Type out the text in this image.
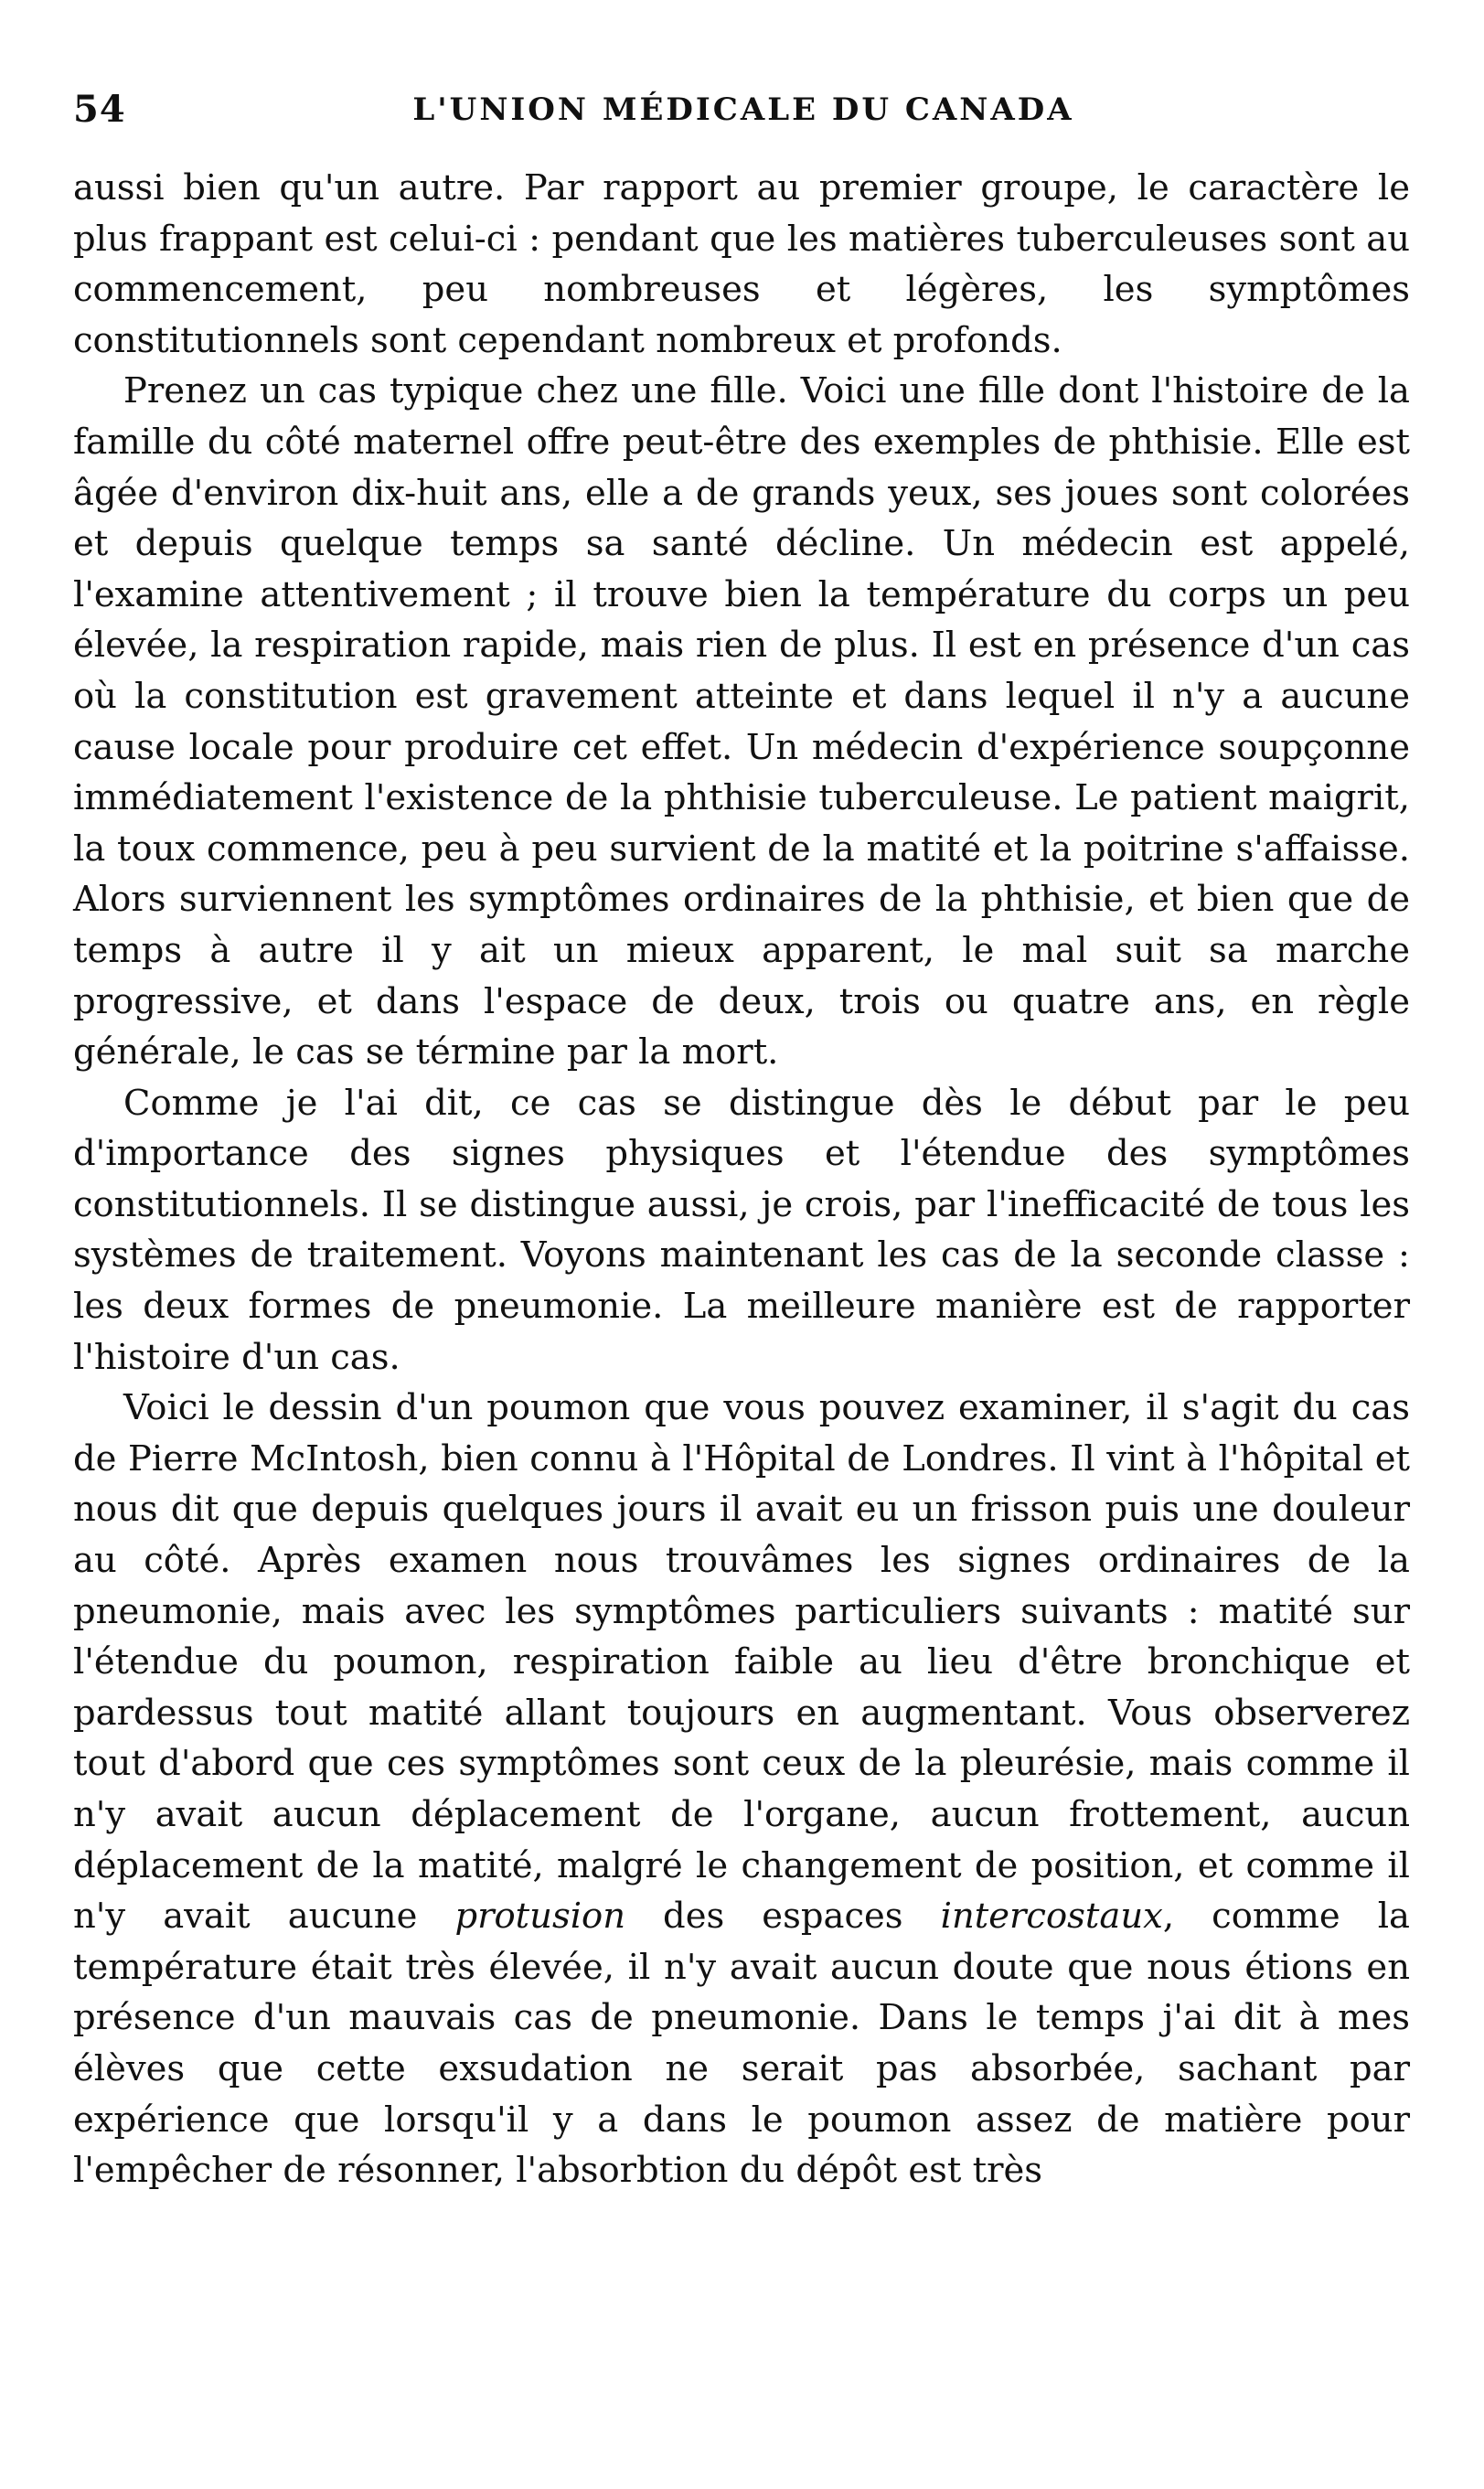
54	L'UNION MÉDICALE DU CANADA

aussi bien qu'un autre. Par rapport au premier groupe, le caractère le plus frappant est celui-ci : pendant que les matières tuberculeuses sont au commencement, peu nombreuses et légères, les symptômes constitutionnels sont cependant nombreux et profonds.

Prenez un cas typique chez une fille. Voici une fille dont l'histoire de la famille du côté maternel offre peut-être des exemples de phthisie. Elle est âgée d'environ dix-huit ans, elle a de grands yeux, ses joues sont colorées et depuis quelque temps sa santé décline. Un médecin est appelé, l'examine attentivement ; il trouve bien la température du corps un peu élevée, la respiration rapide, mais rien de plus. Il est en présence d'un cas où la constitution est gravement atteinte et dans lequel il n'y a aucune cause locale pour produire cet effet. Un médecin d'expérience soupçonne immédiatement l'existence de la phthisie tuberculeuse. Le patient maigrit, la toux commence, peu à peu survient de la matité et la poitrine s'affaisse. Alors surviennent les symptômes ordinaires de la phthisie, et bien que de temps à autre il y ait un mieux apparent, le mal suit sa marche progressive, et dans l'espace de deux, trois ou quatre ans, en règle générale, le cas se términe par la mort.

Comme je l'ai dit, ce cas se distingue dès le début par le peu d'importance des signes physiques et l'étendue des symptômes constitutionnels. Il se distingue aussi, je crois, par l'inefficacité de tous les systèmes de traitement. Voyons maintenant les cas de la seconde classe : les deux formes de pneumonie. La meilleure manière est de rapporter l'histoire d'un cas.

Voici le dessin d'un poumon que vous pouvez examiner, il s'agit du cas de Pierre McIntosh, bien connu à l'Hôpital de Londres. Il vint à l'hôpital et nous dit que depuis quelques jours il avait eu un frisson puis une douleur au côté. Après examen nous trouvâmes les signes ordinaires de la pneumonie, mais avec les symptômes particuliers suivants : matité sur l'étendue du poumon, respiration faible au lieu d'être bronchique et pardessus tout matité allant toujours en augmentant. Vous observerez tout d'abord que ces symptômes sont ceux de la pleurésie, mais comme il n'y avait aucun déplacement de l'organe, aucun frottement, aucun déplacement de la matité, malgré le changement de position, et comme il n'y avait aucune protusion des espaces intercostaux, comme la température était très élevée, il n'y avait aucun doute que nous étions en présence d'un mauvais cas de pneumonie. Dans le temps j'ai dit à mes élèves que cette exsudation ne serait pas absorbée, sachant par expérience que lorsqu'il y a dans le poumon assez de matière pour l'empêcher de résonner, l'absorbtion du dépôt est très
